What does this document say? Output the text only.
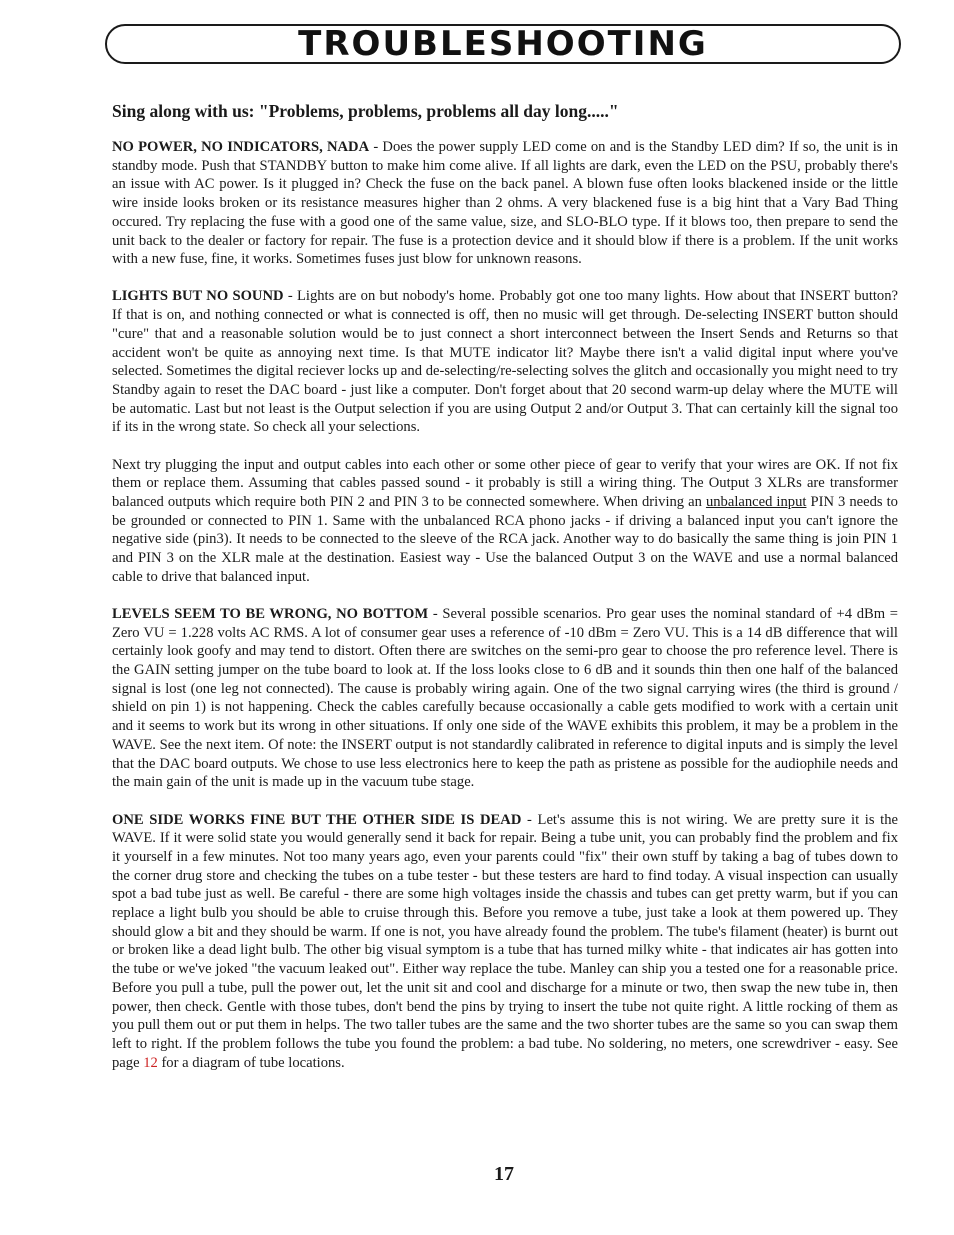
TROUBLESHOOTING

Sing along with us: "Problems, problems, problems all day long....."

NO POWER, NO INDICATORS, NADA - Does the power supply LED come on and is the Standby LED dim? If so, the unit is in standby mode. Push that STANDBY button to make him come alive. If all lights are dark, even the LED on the PSU, probably there's an issue with AC power. Is it plugged in? Check the fuse on the back panel. A blown fuse often looks blackened inside or the little wire inside looks broken or its resistance measures higher than 2 ohms. A very blackened fuse is a big hint that a Vary Bad Thing occured. Try replacing the fuse with a good one of the same value, size, and SLO-BLO type. If it blows too, then prepare to send the unit back to the dealer or factory for repair. The fuse is a protection device and it should blow if there is a problem. If the unit works with a new fuse, fine, it works. Sometimes fuses just blow for unknown reasons.

LIGHTS BUT NO SOUND - Lights are on but nobody's home. Probably got one too many lights. How about that INSERT button? If that is on, and nothing connected or what is connected is off, then no music will get through. De-selecting INSERT button should "cure" that and a reasonable solution would be to just connect a short interconnect between the Insert Sends and Returns so that accident won't be quite as annoying next time. Is that MUTE indicator lit? Maybe there isn't a valid digital input where you've selected. Sometimes the digital reciever locks up and de-selecting/re-selecting solves the glitch and occasionally you might need to try Standby again to reset the DAC board - just like a computer. Don't forget about that 20 second warm-up delay where the MUTE will be automatic. Last but not least is the Output selection if you are using Output 2 and/or Output 3. That can certainly kill the signal too if its in the wrong state. So check all your selections.

Next try plugging the input and output cables into each other or some other piece of gear to verify that your wires are OK. If not fix them or replace them. Assuming that cables passed sound - it probably is still a wiring thing. The Output 3 XLRs are transformer balanced outputs which require both PIN 2 and PIN 3 to be connected somewhere. When driving an unbalanced input PIN 3 needs to be grounded or connected to PIN 1. Same with the unbalanced RCA phono jacks - if driving a balanced input you can't ignore the negative side (pin3). It needs to be connected to the sleeve of the RCA jack. Another way to do basically the same thing is join PIN 1 and PIN 3 on the XLR male at the destination. Easiest way - Use the balanced Output 3 on the WAVE and use a normal balanced cable to drive that balanced input.

LEVELS SEEM TO BE WRONG, NO BOTTOM - Several possible scenarios. Pro gear uses the nominal standard of +4 dBm = Zero VU = 1.228 volts AC RMS. A lot of consumer gear uses a reference of -10 dBm = Zero VU. This is a 14 dB difference that will certainly look goofy and may tend to distort. Often there are switches on the semi-pro gear to choose the pro reference level. There is the GAIN setting jumper on the tube board to look at. If the loss looks close to 6 dB and it sounds thin then one half of the balanced signal is lost (one leg not connected). The cause is probably wiring again. One of the two signal carrying wires (the third is ground / shield on pin 1) is not happening. Check the cables carefully because occasionally a cable gets modified to work with a certain unit and it seems to work but its wrong in other situations. If only one side of the WAVE exhibits this problem, it may be a problem in the WAVE. See the next item. Of note: the INSERT output is not standardly calibrated in reference to digital inputs and is simply the level that the DAC board outputs. We chose to use less electronics here to keep the path as pristene as possible for the audiophile needs and the main gain of the unit is made up in the vacuum tube stage.

ONE SIDE WORKS FINE BUT THE OTHER SIDE IS DEAD - Let's assume this is not wiring. We are pretty sure it is the WAVE. If it were solid state you would generally send it back for repair. Being a tube unit, you can probably find the problem and fix it yourself in a few minutes. Not too many years ago, even your parents could "fix" their own stuff by taking a bag of tubes down to the corner drug store and checking the tubes on a tube tester - but these testers are hard to find today. A visual inspection can usually spot a bad tube just as well. Be careful - there are some high voltages inside the chassis and tubes can get pretty warm, but if you can replace a light bulb you should be able to cruise through this. Before you remove a tube, just take a look at them powered up. They should glow a bit and they should be warm. If one is not, you have already found the problem. The tube's filament (heater) is burnt out or broken like a dead light bulb. The other big visual symptom is a tube that has turned milky white - that indicates air has gotten into the tube or we've joked "the vacuum leaked out". Either way replace the tube. Manley can ship you a tested one for a reasonable price. Before you pull a tube, pull the power out, let the unit sit and cool and discharge for a minute or two, then swap the new tube in, then power, then check. Gentle with those tubes, don't bend the pins by trying to insert the tube not quite right. A little rocking of them as you pull them out or put them in helps. The two taller tubes are the same and the two shorter tubes are the same so you can swap them left to right. If the problem follows the tube you found the problem: a bad tube. No soldering, no meters, one screwdriver - easy. See page 12 for a diagram of tube locations.

17
